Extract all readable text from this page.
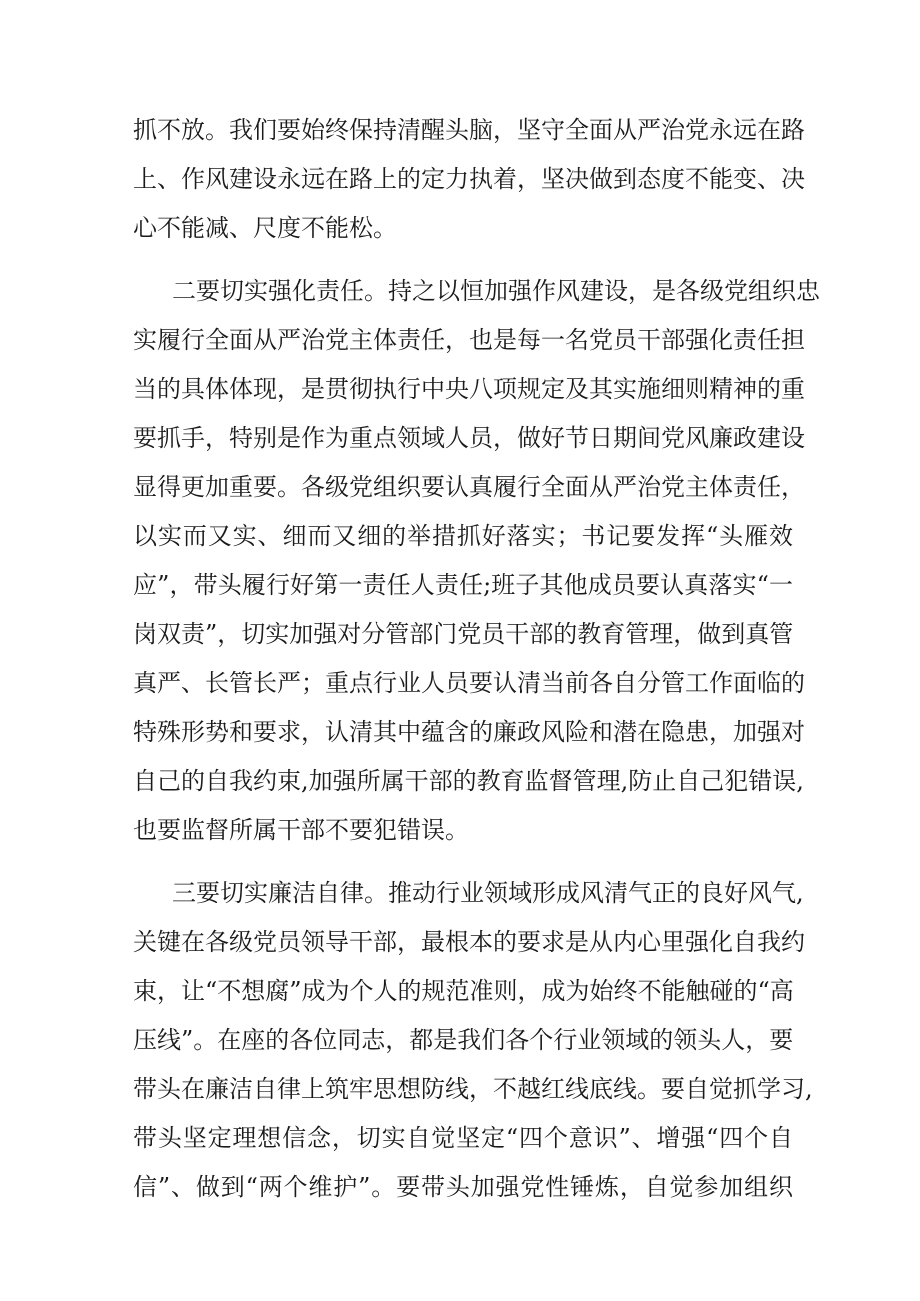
抓不放。我们要始终保持清醒头脑，坚守全面从严治党永远在路
上、作风建设永远在路上的定力执着，坚决做到态度不能变、决
心不能减、尺度不能松。
二要切实强化责任。持之以恒加强作风建设，是各级党组织忠
实履行全面从严治党主体责任，也是每一名党员干部强化责任担
当的具体体现，是贯彻执行中央八项规定及其实施细则精神的重
要抓手，特别是作为重点领域人员，做好节日期间党风廉政建设
显得更加重要。各级党组织要认真履行全面从严治党主体责任，
以实而又实、细而又细的举措抓好落实；书记要发挥“头雁效
应”，带头履行好第一责任人责任;班子其他成员要认真落实“一
岗双责”，切实加强对分管部门党员干部的教育管理，做到真管
真严、长管长严；重点行业人员要认清当前各自分管工作面临的
特殊形势和要求，认清其中蕴含的廉政风险和潜在隐患，加强对
自己的自我约束,加强所属干部的教育监督管理,防止自己犯错误,
也要监督所属干部不要犯错误。
三要切实廉洁自律。推动行业领域形成风清气正的良好风气,
关键在各级党员领导干部，最根本的要求是从内心里强化自我约
束，让“不想腐”成为个人的规范准则，成为始终不能触碰的“高
压线”。在座的各位同志，都是我们各个行业领域的领头人，要
带头在廉洁自律上筑牢思想防线，不越红线底线。要自觉抓学习,
带头坚定理想信念，切实自觉坚定“四个意识”、增强“四个自
信”、做到“两个维护”。要带头加强党性锤炼，自觉参加组织
